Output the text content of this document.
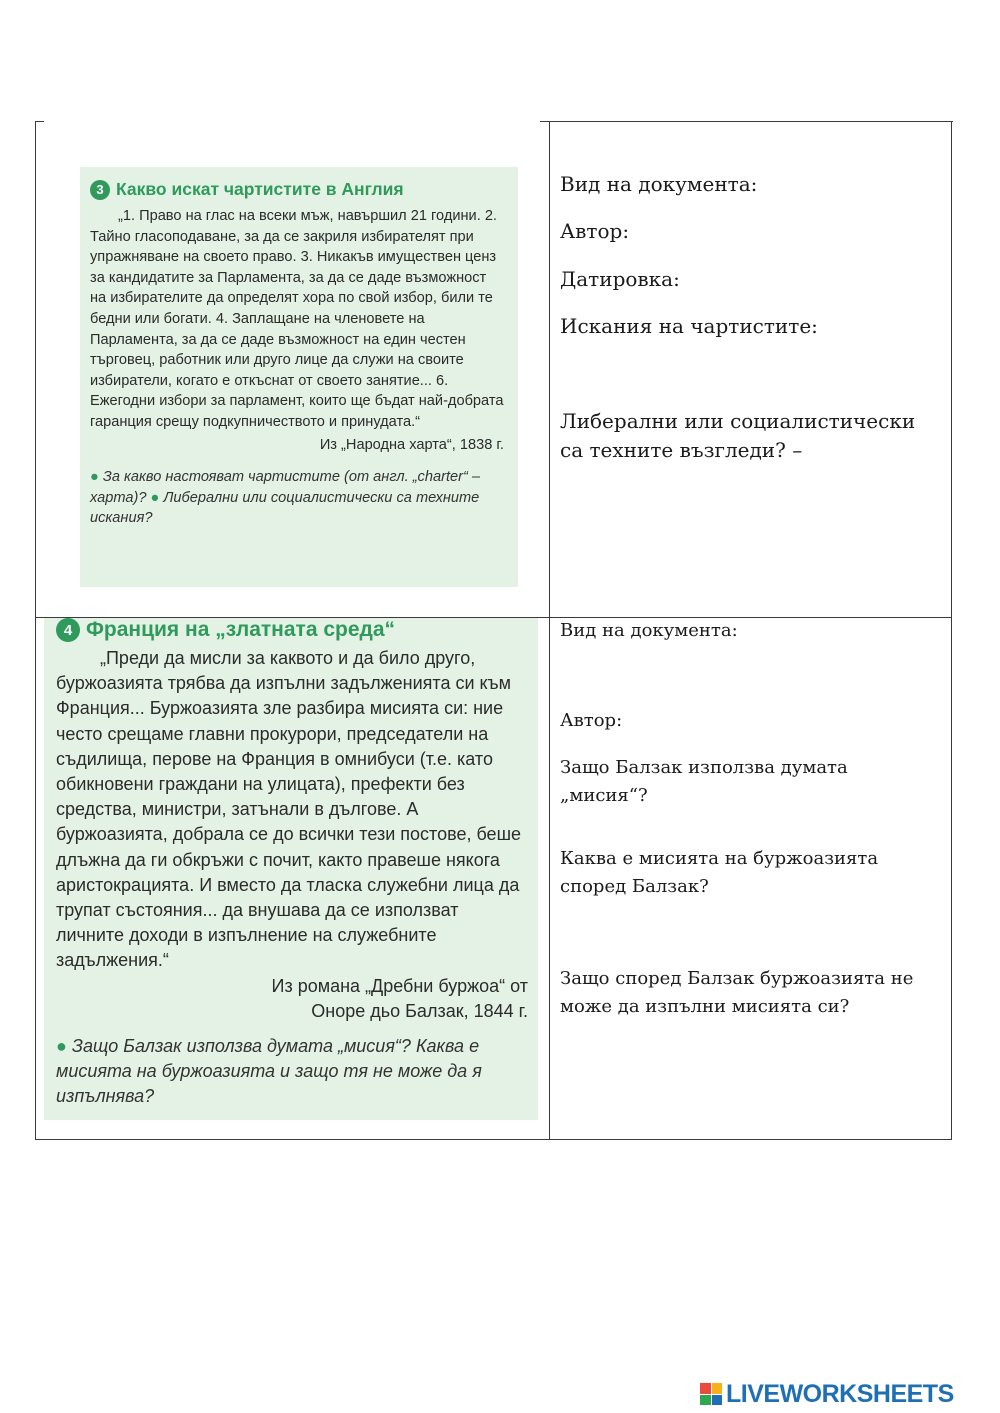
3 Какво искат чартистите в Англия
„1. Право на глас на всеки мъж, навършил 21 години. 2. Тайно гласоподаване, за да се закриля избирателят при упражняване на своето право. 3. Никакъв имуществен ценз за кандидатите за Парламента, за да се даде възможност на избирателите да определят хора по свой избор, били те бедни или богати. 4. Заплащане на членовете на Парламента, за да се даде възможност на един честен търговец, работник или друго лице да служи на своите избиратели, когато е откъснат от своето занятие... 6. Ежегодни избори за парламент, които ще бъдат най-добрата гаранция срещу подкупничеството и принудата.“
Из „Народна харта“, 1838 г.
● За какво настояват чартистите (от англ. „charter“ – харта)? ● Либерални или социалистически са техните искания?
Вид на документа:
Автор:
Датировка:
Искания на чартистите:
Либерални или социалистически са техните възгледи? –
4 Франция на „златната среда“
„Преди да мисли за каквото и да било друго, буржоазията трябва да изпълни задълженията си към Франция... Буржоазията зле разбира мисията си: ние често срещаме главни прокурори, председатели на съдилища, перове на Франция в омнибуси (т.е. като обикновени граждани на улицата), префекти без средства, министри, затънали в дългове. А буржоазията, добрала се до всички тези постове, беше длъжна да ги обкръжи с почит, както правеше някога аристокрацията. И вместо да тласка служебни лица да трупат състояния... да внушава да се използват личните доходи в изпълнение на служебните задължения.“
Из романа „Дребни буржоа“ от
Оноре дьо Балзак, 1844 г.
● Защо Балзак използва думата „мисия“? Каква е мисията на буржоазията и защо тя не може да я изпълнява?
Вид на документа:
Автор:
Защо Балзак използва думата „мисия“?
Каква е мисията на буржоазията според Балзак?
Защо според Балзак буржоазията не може да изпълни мисията си?
LIVEWORKSHEETS
